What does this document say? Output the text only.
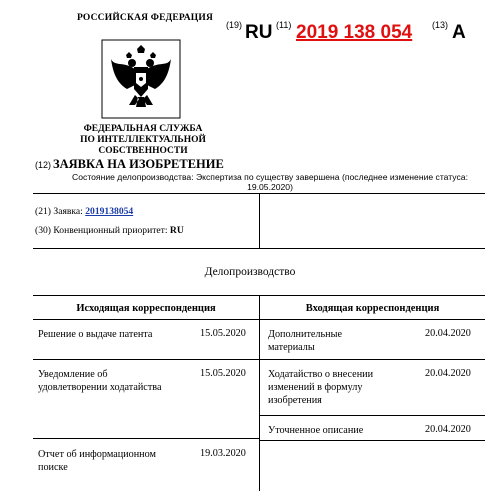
РОССИЙСКАЯ ФЕДЕРАЦИЯ
ФЕДЕРАЛЬНАЯ СЛУЖБА
ПО ИНТЕЛЛЕКТУАЛЬНОЙ СОБСТВЕННОСТИ
(19) RU (11) 2019 138 054 (13) A
(12) ЗАЯВКА НА ИЗОБРЕТЕНИЕ
Состояние делопроизводства: Экспертиза по существу завершена (последнее изменение статуса:
19.05.2020)
(21) Заявка: 2019138054
(30) Конвенционный приоритет: RU
Делопроизводство
Исходящая корреспонденция	Входящая корреспонденция
Решение о выдаче патента	15.05.2020
Уведомление об
удовлетворении ходатайства
15.05.2020
Отчет об информационном
поиске
19.03.2020
Дополнительные
материалы
20.04.2020
Ходатайство о внесении
изменений в формулу
изобретения
20.04.2020
Уточненное описание	20.04.2020
